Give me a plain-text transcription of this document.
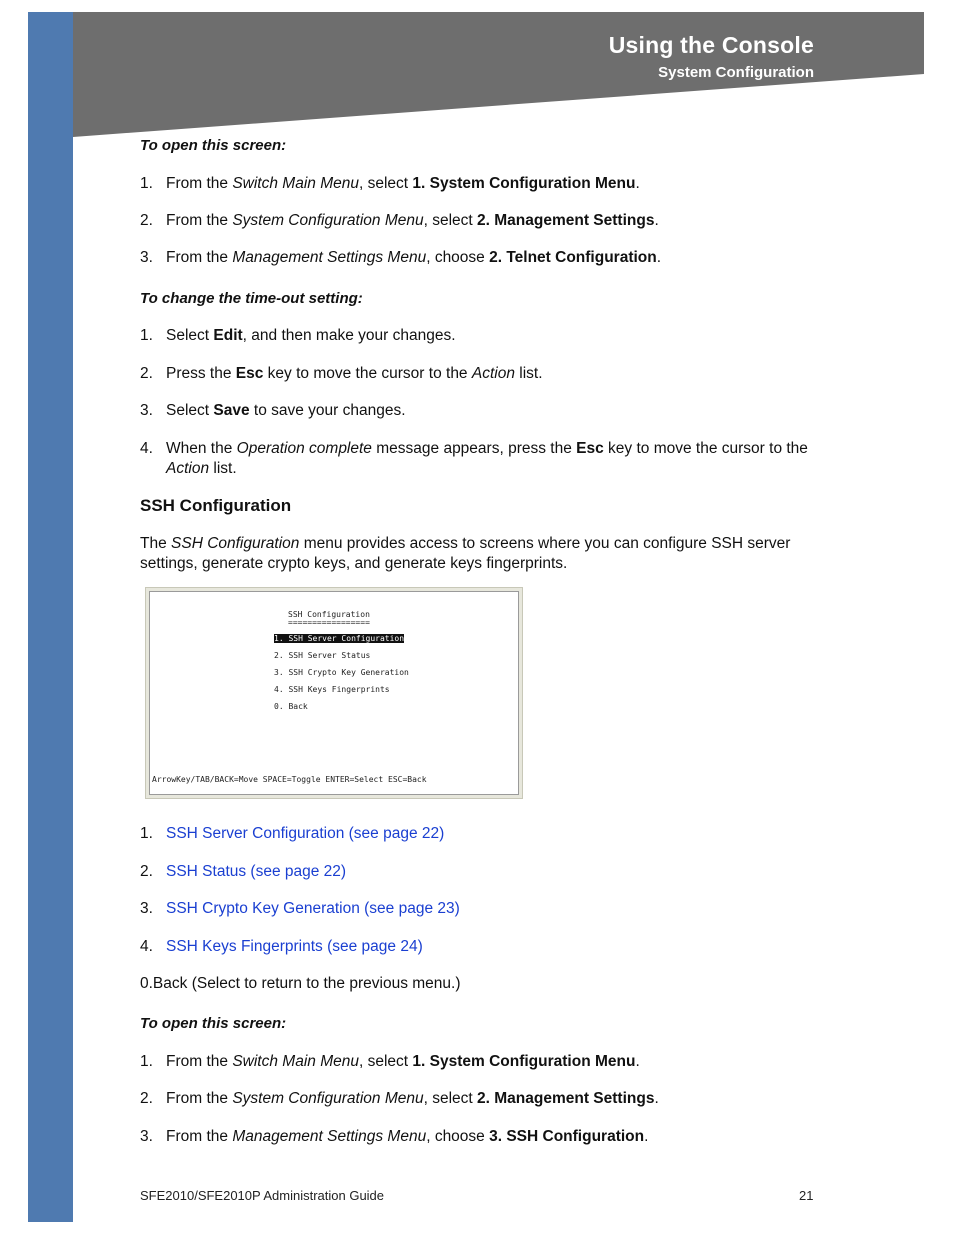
Using the Console
System Configuration
To open this screen:
1. From the Switch Main Menu, select 1. System Configuration Menu.
2. From the System Configuration Menu, select 2. Management Settings.
3. From the Management Settings Menu, choose 2. Telnet Configuration.
To change the time-out setting:
1. Select Edit, and then make your changes.
2. Press the Esc key to move the cursor to the Action list.
3. Select Save to save your changes.
4. When the Operation complete message appears, press the Esc key to move the cursor to the
Action list.
SSH Configuration
The SSH Configuration menu provides access to screens where you can configure SSH server settings, generate crypto keys, and generate keys fingerprints.
1. SSH Server Configuration (see page 22)
2. SSH Status (see page 22)
3. SSH Crypto Key Generation (see page 23)
4. SSH Keys Fingerprints (see page 24)
0.Back (Select to return to the previous menu.)
To open this screen:
1. From the Switch Main Menu, select 1. System Configuration Menu.
2. From the System Configuration Menu, select 2. Management Settings.
3. From the Management Settings Menu, choose 3. SSH Configuration.
SSH Configuration
=================
1. SSH Server Configuration
2. SSH Server Status
3. SSH Crypto Key Generation
4. SSH Keys Fingerprints
0. Back
ArrowKey/TAB/BACK=Move SPACE=Toggle ENTER=Select ESC=Back
SFE2010/SFE2010P Administration Guide	21
